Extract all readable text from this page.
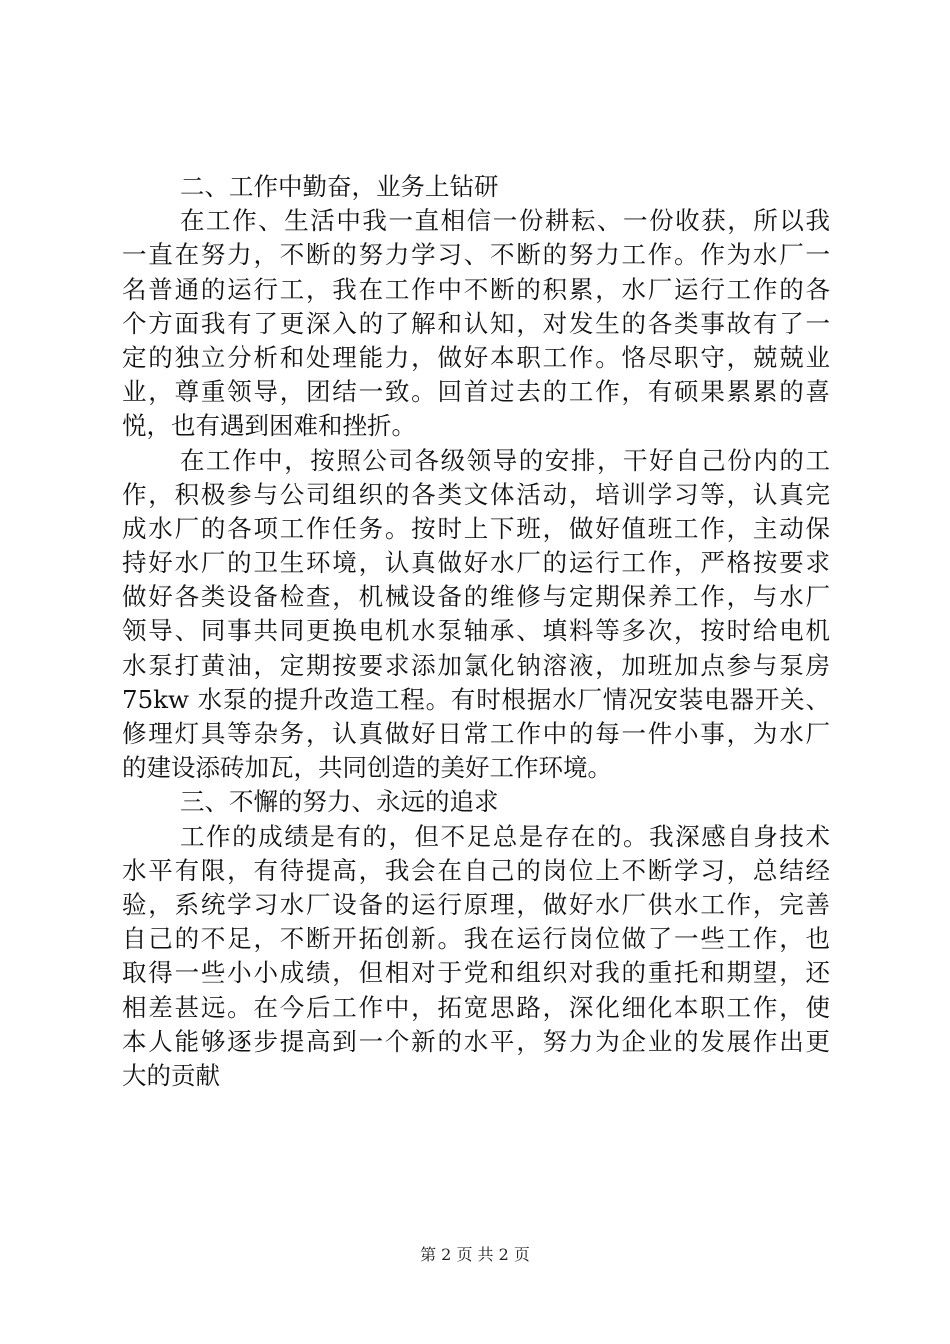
二、工作中勤奋，业务上钻研
在工作、生活中我一直相信一份耕耘、一份收获，所以我
一直在努力，不断的努力学习、不断的努力工作。作为水厂一
名普通的运行工，我在工作中不断的积累，水厂运行工作的各
个方面我有了更深入的了解和认知，对发生的各类事故有了一
定的独立分析和处理能力，做好本职工作。恪尽职守，兢兢业
业，尊重领导，团结一致。回首过去的工作，有硕果累累的喜
悦，也有遇到困难和挫折。
在工作中，按照公司各级领导的安排，干好自己份内的工
作，积极参与公司组织的各类文体活动，培训学习等，认真完
成水厂的各项工作任务。按时上下班，做好值班工作，主动保
持好水厂的卫生环境，认真做好水厂的运行工作，严格按要求
做好各类设备检查，机械设备的维修与定期保养工作，与水厂
领导、同事共同更换电机水泵轴承、填料等多次，按时给电机
水泵打黄油，定期按要求添加氯化钠溶液，加班加点参与泵房
75kw 水泵的提升改造工程。有时根据水厂情况安装电器开关、
修理灯具等杂务，认真做好日常工作中的每一件小事，为水厂
的建设添砖加瓦，共同创造的美好工作环境。
三、不懈的努力、永远的追求
工作的成绩是有的，但不足总是存在的。我深感自身技术
水平有限，有待提高，我会在自己的岗位上不断学习，总结经
验，系统学习水厂设备的运行原理，做好水厂供水工作，完善
自己的不足，不断开拓创新。我在运行岗位做了一些工作，也
取得一些小小成绩，但相对于党和组织对我的重托和期望，还
相差甚远。在今后工作中，拓宽思路，深化细化本职工作，使
本人能够逐步提高到一个新的水平，努力为企业的发展作出更
大的贡献
第 2 页 共 2 页
